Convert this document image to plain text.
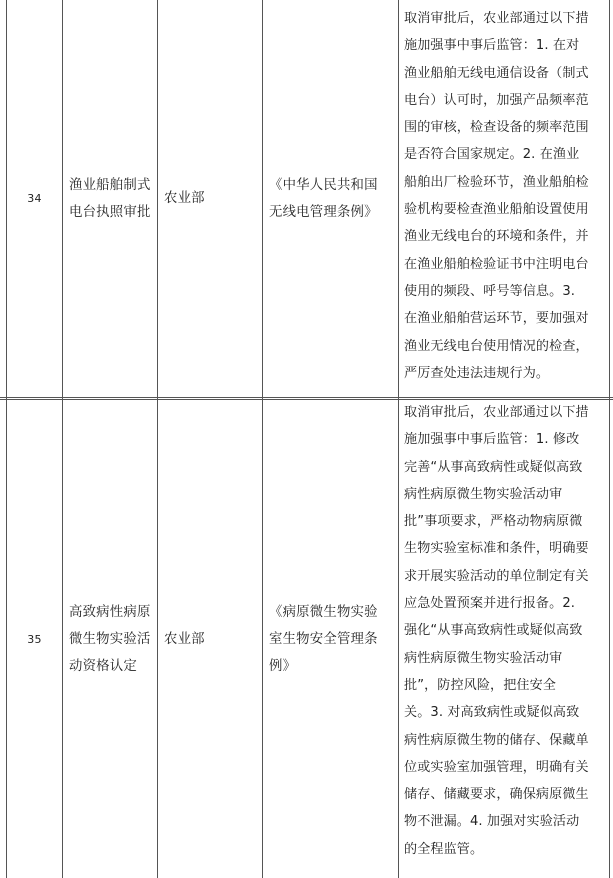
34
渔业船舶制式
电台执照审批
农业部
《中华人民共和国
无线电管理条例》
取消审批后，农业部通过以下措
施加强事中事后监管：1. 在对
渔业船舶无线电通信设备（制式
电台）认可时，加强产品频率范
围的审核，检查设备的频率范围
是否符合国家规定。2. 在渔业
船舶出厂检验环节，渔业船舶检
验机构要检查渔业船舶设置使用
渔业无线电台的环境和条件，并
在渔业船舶检验证书中注明电台
使用的频段、呼号等信息。3.
在渔业船舶营运环节，要加强对
渔业无线电台使用情况的检查，
严厉查处违法违规行为。
35
高致病性病原
微生物实验活
动资格认定
农业部
《病原微生物实验
室生物安全管理条
例》
取消审批后，农业部通过以下措
施加强事中事后监管：1. 修改
完善“从事高致病性或疑似高致
病性病原微生物实验活动审
批”事项要求，严格动物病原微
生物实验室标准和条件，明确要
求开展实验活动的单位制定有关
应急处置预案并进行报备。2.
强化“从事高致病性或疑似高致
病性病原微生物实验活动审
批”，防控风险，把住安全
关。3. 对高致病性或疑似高致
病性病原微生物的储存、保藏单
位或实验室加强管理，明确有关
储存、储藏要求，确保病原微生
物不泄漏。4. 加强对实验活动
的全程监管。
